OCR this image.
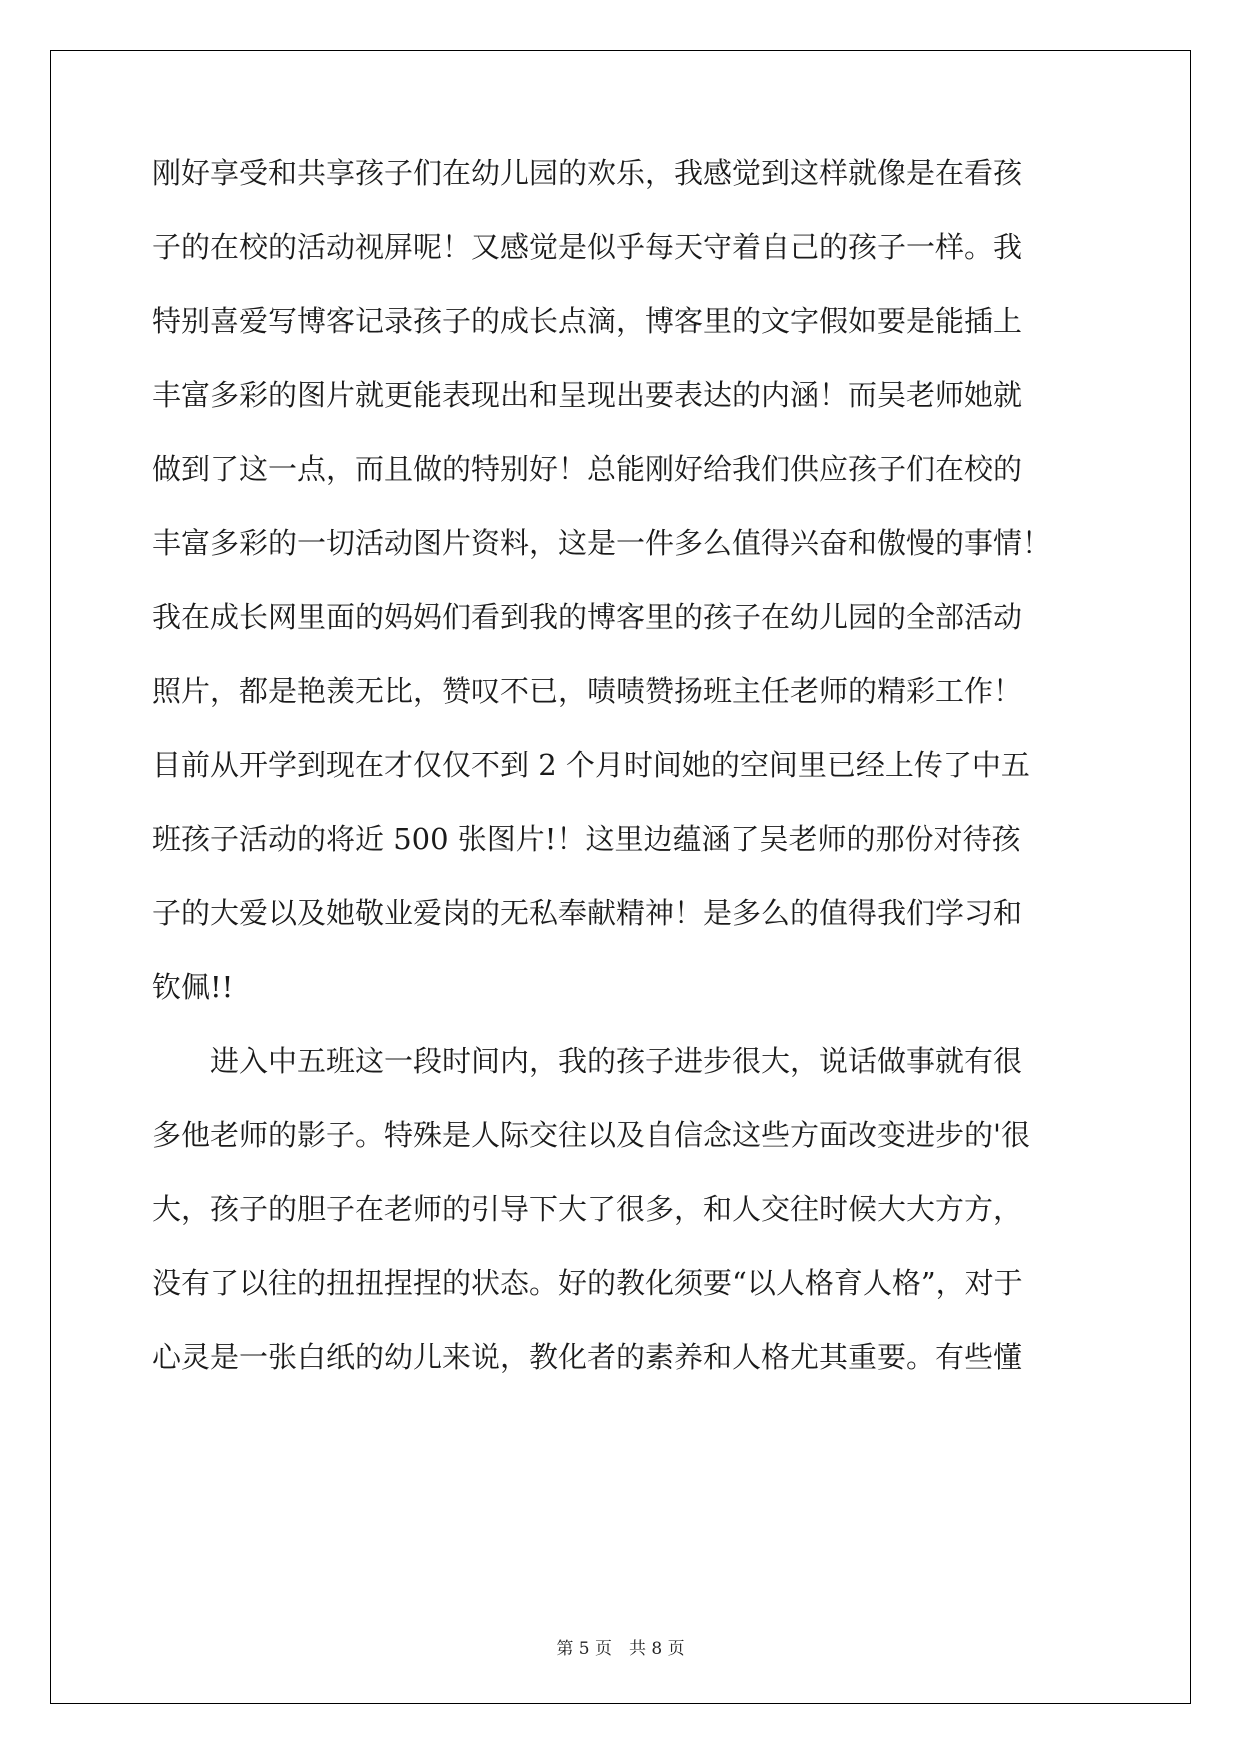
刚好享受和共享孩子们在幼儿园的欢乐，我感觉到这样就像是在看孩
子的在校的活动视屏呢！又感觉是似乎每天守着自己的孩子一样。我
特别喜爱写博客记录孩子的成长点滴，博客里的文字假如要是能插上
丰富多彩的图片就更能表现出和呈现出要表达的内涵！而吴老师她就
做到了这一点，而且做的特别好！总能刚好给我们供应孩子们在校的
丰富多彩的一切活动图片资料，这是一件多么值得兴奋和傲慢的事情！
我在成长网里面的妈妈们看到我的博客里的孩子在幼儿园的全部活动
照片，都是艳羡无比，赞叹不已，啧啧赞扬班主任老师的精彩工作！
目前从开学到现在才仅仅不到 2 个月时间她的空间里已经上传了中五
班孩子活动的将近 500 张图片!！这里边蕴涵了吴老师的那份对待孩
子的大爱以及她敬业爱岗的无私奉献精神！是多么的值得我们学习和
钦佩!!
　　进入中五班这一段时间内，我的孩子进步很大，说话做事就有很
多他老师的影子。特殊是人际交往以及自信念这些方面改变进步的'很
大，孩子的胆子在老师的引导下大了很多，和人交往时候大大方方，
没有了以往的扭扭捏捏的状态。好的教化须要“以人格育人格”，对于
心灵是一张白纸的幼儿来说，教化者的素养和人格尤其重要。有些懂
第 5 页　共 8 页
